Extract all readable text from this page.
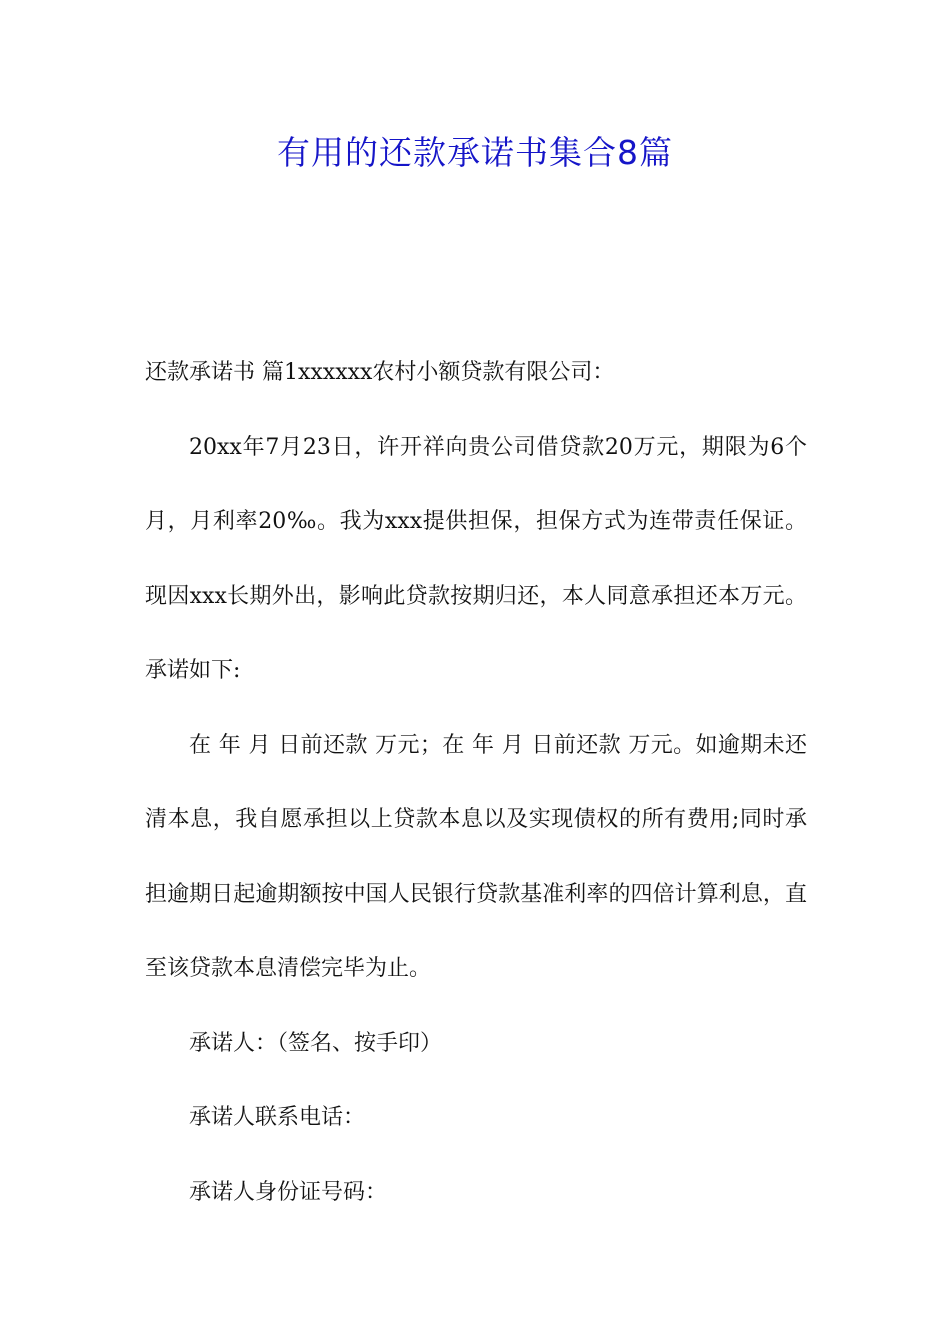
有用的还款承诺书集合8篇

还款承诺书 篇1xxxxxx农村小额贷款有限公司：

20xx年7月23日，许开祥向贵公司借贷款20万元，期限为6个月，月利率20‰。我为xxx提供担保，担保方式为连带责任保证。现因xxx长期外出，影响此贷款按期归还，本人同意承担还本万元。承诺如下:

在 年 月 日前还款 万元；在 年 月 日前还款 万元。如逾期未还清本息，我自愿承担以上贷款本息以及实现债权的所有费用;同时承担逾期日起逾期额按中国人民银行贷款基准利率的四倍计算利息，直至该贷款本息清偿完毕为止。

承诺人：（签名、按手印）

承诺人联系电话：

承诺人身份证号码：
